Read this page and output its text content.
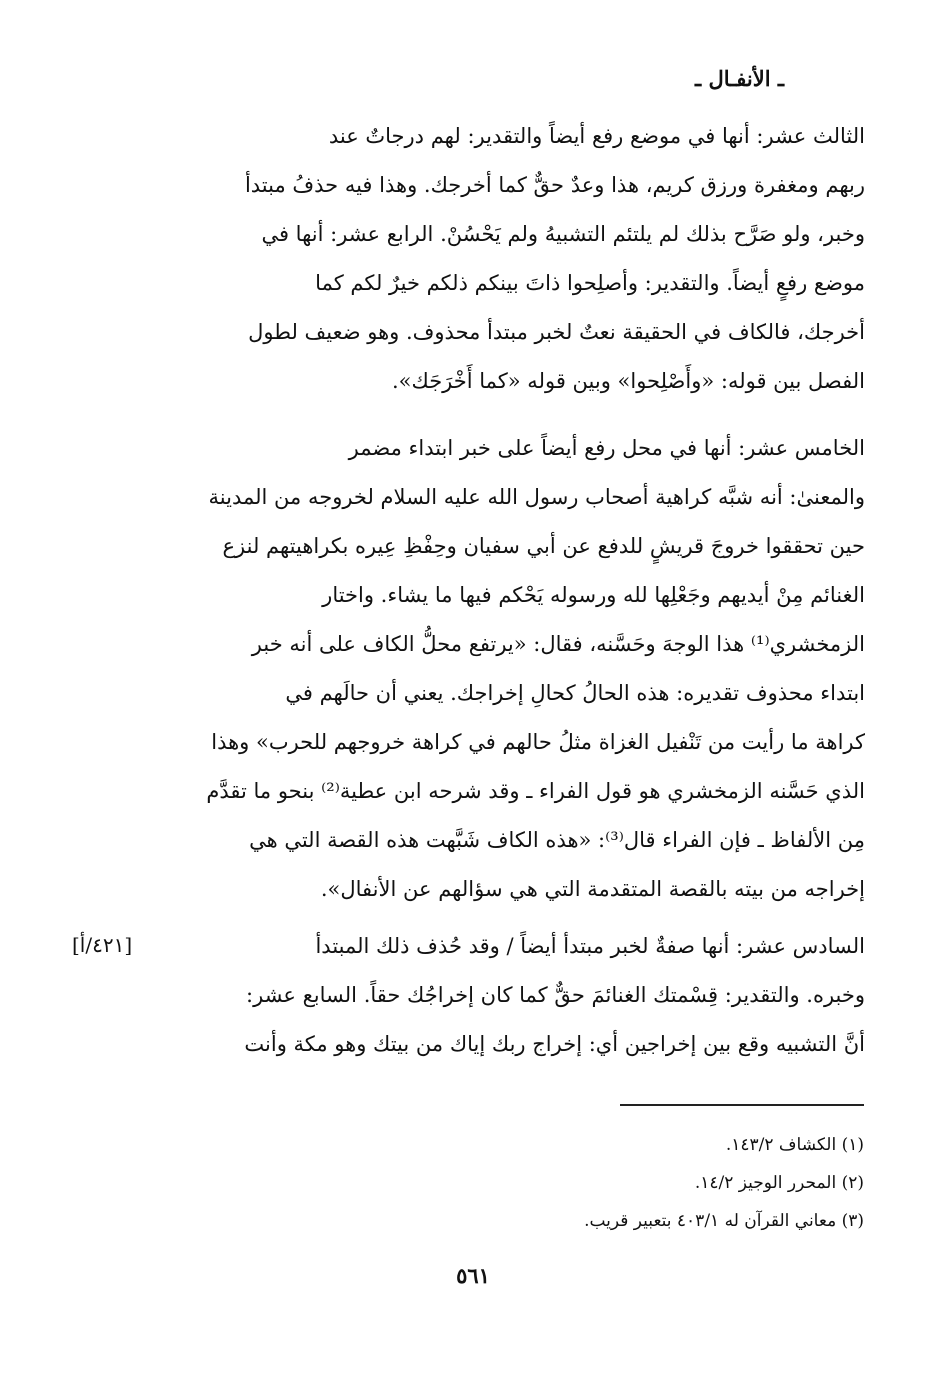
ـ الأنفـال ـ
الثالث عشر: أنها في موضع رفع أيضاً والتقدير: لهم درجاتٌ عند
ربهم ومغفرة ورزق كريم، هذا وعدٌ حقٌّ كما أخرجك. وهذا فيه حذفُ مبتدأ
وخبر، ولو صَرَّح بذلك لم يلتئم التشبيهُ ولم يَحْسُنْ. الرابع عشر: أنها في
موضع رفعٍ أيضاً. والتقدير: وأصلِحوا ذاتَ بينكم ذلكم خيرٌ لكم كما
أخرجك، فالكاف في الحقيقة نعتٌ لخبر مبتدأ محذوف. وهو ضعيف لطول
الفصل بين قوله: «وأَصْلِحوا» وبين قوله «كما أَخْرَجَك».
الخامس عشر: أنها في محل رفع أيضاً على خبر ابتداء مضمر
والمعنىٰ: أنه شبَّه كراهية أصحاب رسول الله عليه السلام لخروجه من المدينة
حين تحققوا خروجَ قريشٍ للدفع عن أبي سفيان وحِفْظِ عِيره بكراهيتهم لنزع
الغنائم مِنْ أيديهم وجَعْلِها لله ورسوله يَحْكم فيها ما يشاء. واختار
الزمخشري⁽¹⁾ هذا الوجهَ وحَسَّنه، فقال: «يرتفع محلُّ الكاف على أنه خبر
ابتداء محذوف تقديره: هذه الحالُ كحالِ إخراجك. يعني أن حالَهم في
كراهة ما رأيت من تَنْفيل الغزاة مثلُ حالهم في كراهة خروجهم للحرب» وهذا
الذي حَسَّنه الزمخشري هو قول الفراء ـ وقد شرحه ابن عطية⁽²⁾ بنحو ما تقدَّم
مِن الألفاظ ـ فإن الفراء قال⁽³⁾: «هذه الكاف شَبَّهت هذه القصة التي هي
إخراجه من بيته بالقصة المتقدمة التي هي سؤالهم عن الأنفال».
[٤٢١/أ]	السادس عشر: أنها صفةٌ لخبر مبتدأ أيضاً / وقد حُذف ذلك المبتدأ
وخبره. والتقدير: قِسْمتك الغنائمَ حقٌّ كما كان إخراجُك حقاً. السابع عشر:
أنَّ التشبيه وقع بين إخراجين أي: إخراج ربك إياك من بيتك وهو مكة وأنت
(١) الكشاف ١٤٣/٢.
(٢) المحرر الوجيز ١٤/٢.
(٣) معاني القرآن له ٤٠٣/١ بتعبير قريب.
٥٦١
